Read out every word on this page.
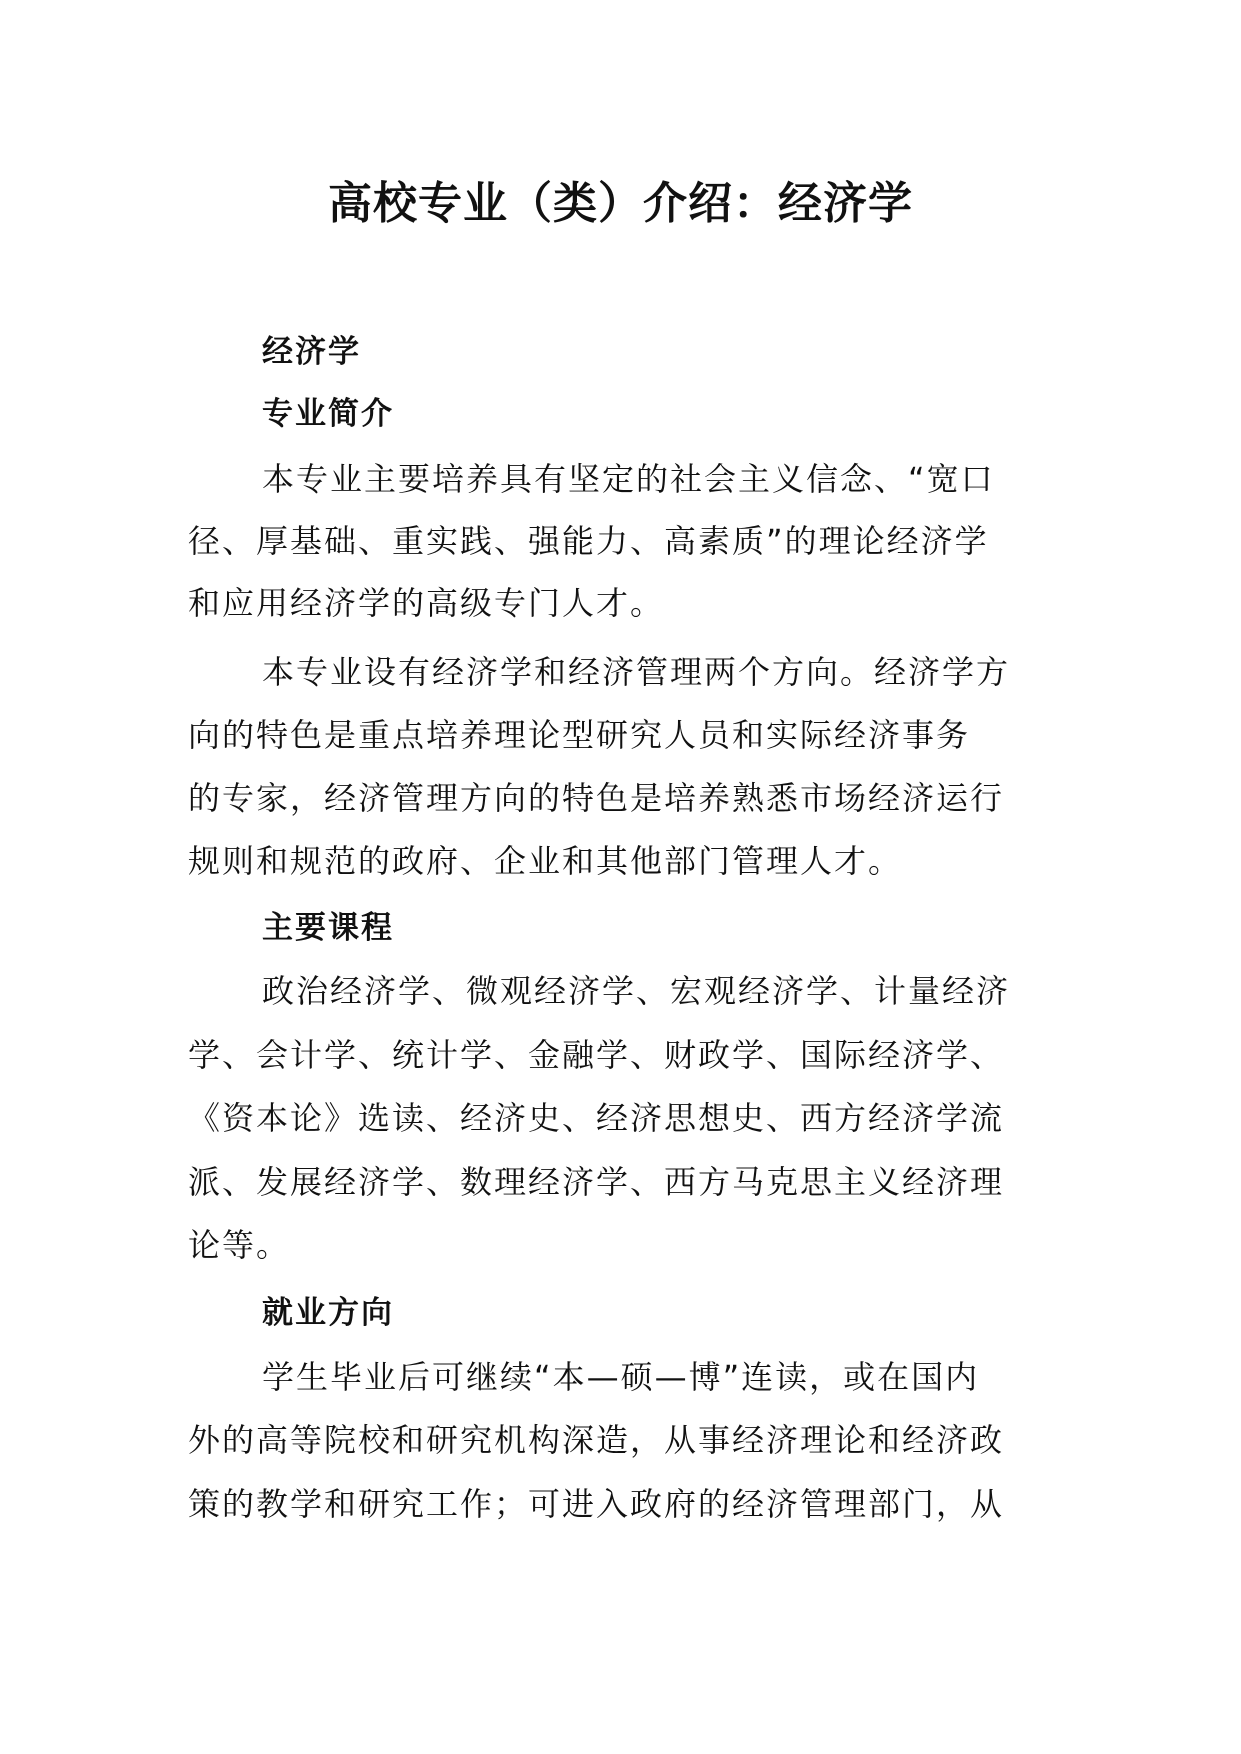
高校专业（类）介绍：经济学
经济学
专业简介

本专业主要培养具有坚定的社会主义信念、“宽口

径、厚基础、重实践、强能力、高素质”的理论经济学

和应用经济学的高级专门人才。

本专业设有经济学和经济管理两个方向。经济学方

向的特色是重点培养理论型研究人员和实际经济事务

的专家，经济管理方向的特色是培养熟悉市场经济运行

规则和规范的政府、企业和其他部门管理人才。

主要课程

政治经济学、微观经济学、宏观经济学、计量经济

学、会计学、统计学、金融学、财政学、国际经济学、

《资本论》选读、经济史、经济思想史、西方经济学流

派、发展经济学、数理经济学、西方马克思主义经济理

论等。

就业方向

学生毕业后可继续“本—硕—博”连读，或在国内

外的高等院校和研究机构深造，从事经济理论和经济政

策的教学和研究工作；可进入政府的经济管理部门，从
